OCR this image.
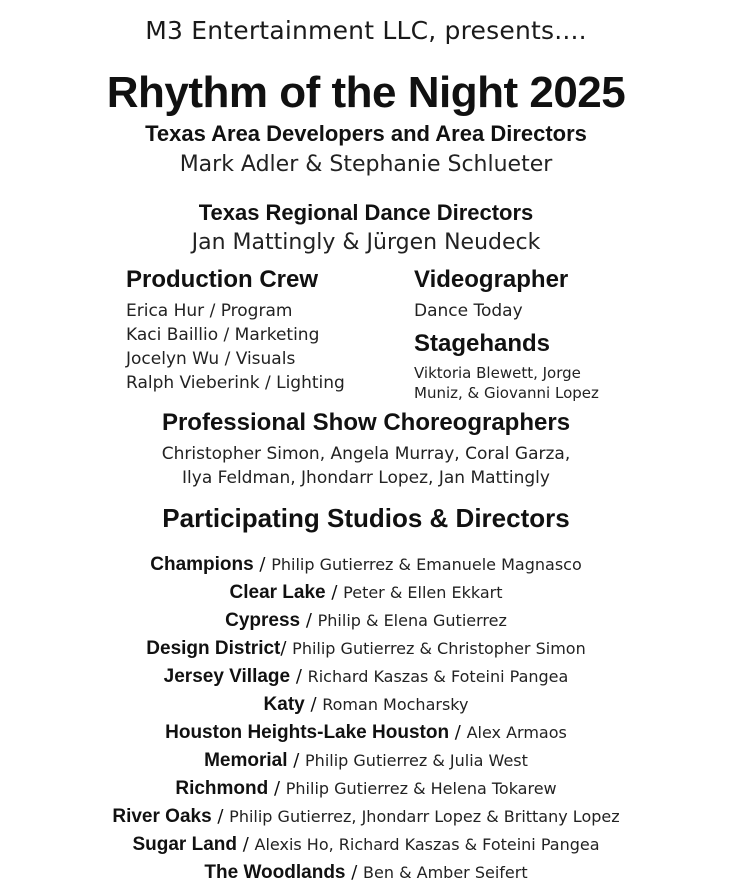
M3 Entertainment LLC, presents....
Rhythm of the Night 2025
Texas Area Developers and Area Directors
Mark Adler & Stephanie Schlueter
Texas Regional Dance Directors
Jan Mattingly & Jürgen Neudeck
Production Crew
Erica Hur / Program
Kaci Baillio / Marketing
Jocelyn Wu / Visuals
Ralph Vieberink / Lighting
Videographer
Dance Today
Stagehands
Viktoria Blewett, Jorge
Muniz, & Giovanni Lopez
Professional Show Choreographers
Christopher Simon, Angela Murray, Coral Garza,
Ilya Feldman, Jhondarr Lopez, Jan Mattingly
Participating Studios & Directors
Champions / Philip Gutierrez & Emanuele Magnasco
Clear Lake / Peter & Ellen Ekkart
Cypress / Philip & Elena Gutierrez
Design District/ Philip Gutierrez & Christopher Simon
Jersey Village / Richard Kaszas & Foteini Pangea
Katy / Roman Mocharsky
Houston Heights-Lake Houston / Alex Armaos
Memorial / Philip Gutierrez & Julia West
Richmond / Philip Gutierrez & Helena Tokarew
River Oaks / Philip Gutierrez, Jhondarr Lopez & Brittany Lopez
Sugar Land / Alexis Ho, Richard Kaszas & Foteini Pangea
The Woodlands / Ben & Amber Seifert
